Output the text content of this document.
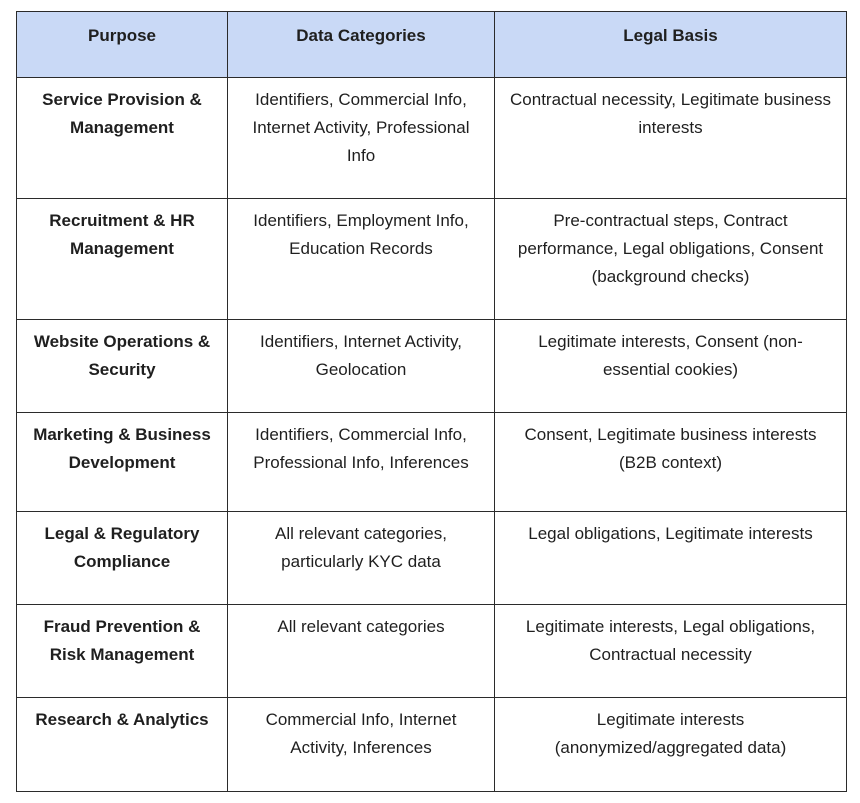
Purpose	Data Categories	Legal Basis
Service Provision & Management	Identifiers, Commercial Info, Internet Activity, Professional Info	Contractual necessity, Legitimate business interests
Recruitment & HR Management	Identifiers, Employment Info, Education Records	Pre-contractual steps, Contract performance, Legal obligations, Consent (background checks)
Website Operations & Security	Identifiers, Internet Activity, Geolocation	Legitimate interests, Consent (non-essential cookies)
Marketing & Business Development	Identifiers, Commercial Info, Professional Info, Inferences	Consent, Legitimate business interests (B2B context)
Legal & Regulatory Compliance	All relevant categories, particularly KYC data	Legal obligations, Legitimate interests
Fraud Prevention & Risk Management	All relevant categories	Legitimate interests, Legal obligations, Contractual necessity
Research & Analytics	Commercial Info, Internet Activity, Inferences	Legitimate interests (anonymized/aggregated data)
